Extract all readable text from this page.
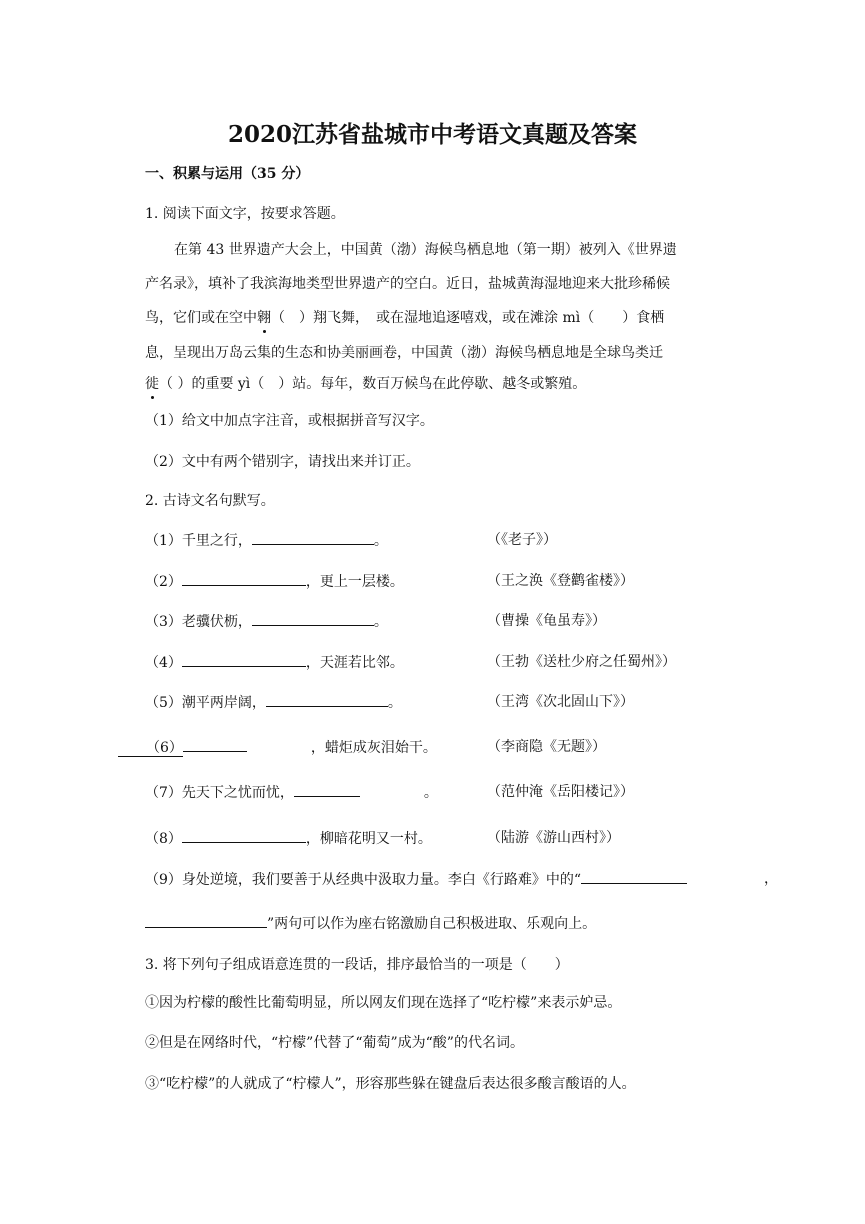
2020江苏省盐城市中考语文真题及答案
一、积累与运用（35 分）
1. 阅读下面文字，按要求答题。
在第 43 世界遗产大会上，中国黄（渤）海候鸟栖息地（第一期）被列入《世界遗
产名录》，填补了我滨海地类型世界遗产的空白。近日，盐城黄海湿地迎来大批珍稀候
鸟，它们或在空中翱（　）翔飞舞，　或在湿地追逐嘻戏，或在滩涂 mì（　　）食栖
息，呈现出万岛云集的生态和协美丽画卷，中国黄（渤）海候鸟栖息地是全球鸟类迁
徙（ ）的重要 yì（　）站。每年，数百万候鸟在此停歇、越冬或繁殖。
（1）给文中加点字注音，或根据拼音写汉字。
（2）文中有两个错别字，请找出来并订正。
2. 古诗文名句默写。
（1）千里之行，	。	（《老子》）
（2）	，更上一层楼。	（王之涣《登鹳雀楼》）
（3）老骥伏枥，	。	（曹操《龟虽寿》）
（4）	，天涯若比邻。	（王勃《送杜少府之任蜀州》）
（5）潮平两岸阔，	。	（王湾《次北固山下》）
（6）	，蜡炬成灰泪始干。	（李商隐《无题》）
（7）先天下之忧而忧，	。	（范仲淹《岳阳楼记》）
（8）	，柳暗花明又一村。	（陆游《游山西村》）
（9）身处逆境，我们要善于从经典中汲取力量。李白《行路难》中的“	，
”两句可以作为座右铭激励自己积极进取、乐观向上。
3. 将下列句子组成语意连贯的一段话，排序最恰当的一项是（　　）
①因为柠檬的酸性比葡萄明显，所以网友们现在选择了“吃柠檬”来表示妒忌。
②但是在网络时代，“柠檬”代替了“葡萄”成为“酸”的代名词。
③“吃柠檬”的人就成了“柠檬人”，形容那些躲在键盘后表达很多酸言酸语的人。
